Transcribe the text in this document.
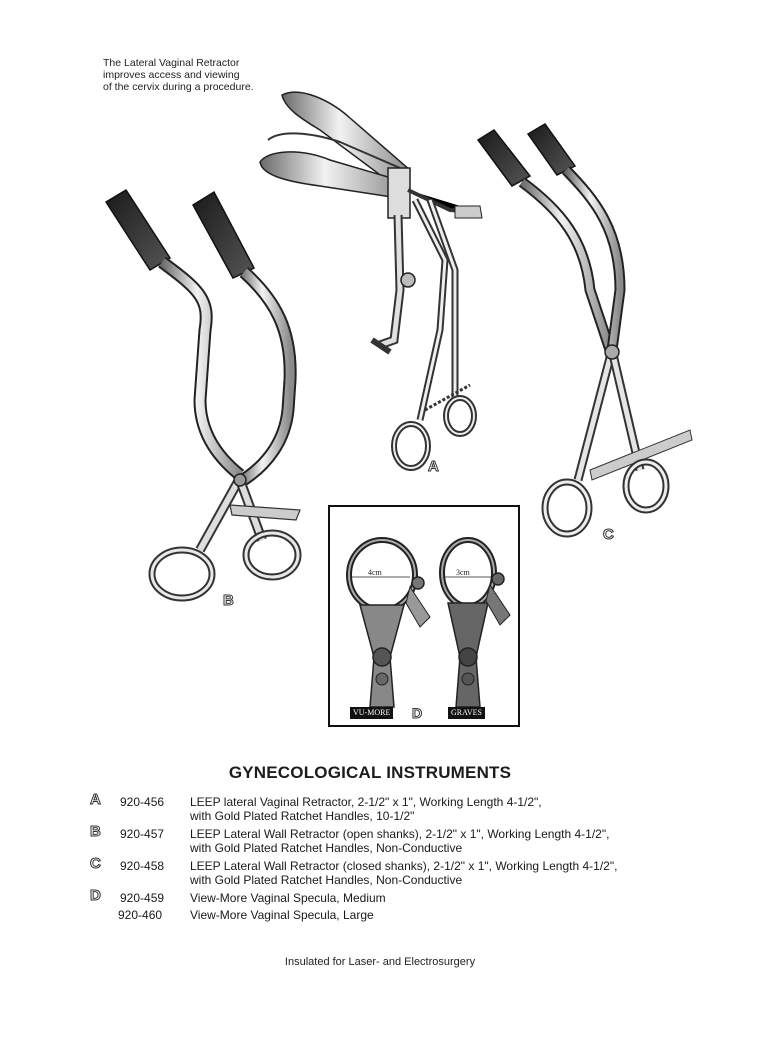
The Lateral Vaginal Retractor
improves access and viewing
of the cervix during a procedure.
A
B
C
4cm	3cm
VU-MORE D	GRAVES
GYNECOLOGICAL INSTRUMENTS
A 920-456 LEEP lateral Vaginal Retractor, 2-1/2" x 1", Working Length 4-1/2",
with Gold Plated Ratchet Handles, 10-1/2"
B 920-457 LEEP Lateral Wall Retractor (open shanks), 2-1/2" x 1", Working Length 4-1/2",
with Gold Plated Ratchet Handles, Non-Conductive
C 920-458 LEEP Lateral Wall Retractor (closed shanks), 2-1/2" x 1", Working Length 4-1/2",
with Gold Plated Ratchet Handles, Non-Conductive
D 920-459 View-More Vaginal Specula, Medium
920-460 View-More Vaginal Specula, Large
Insulated for Laser- and Electrosurgery
